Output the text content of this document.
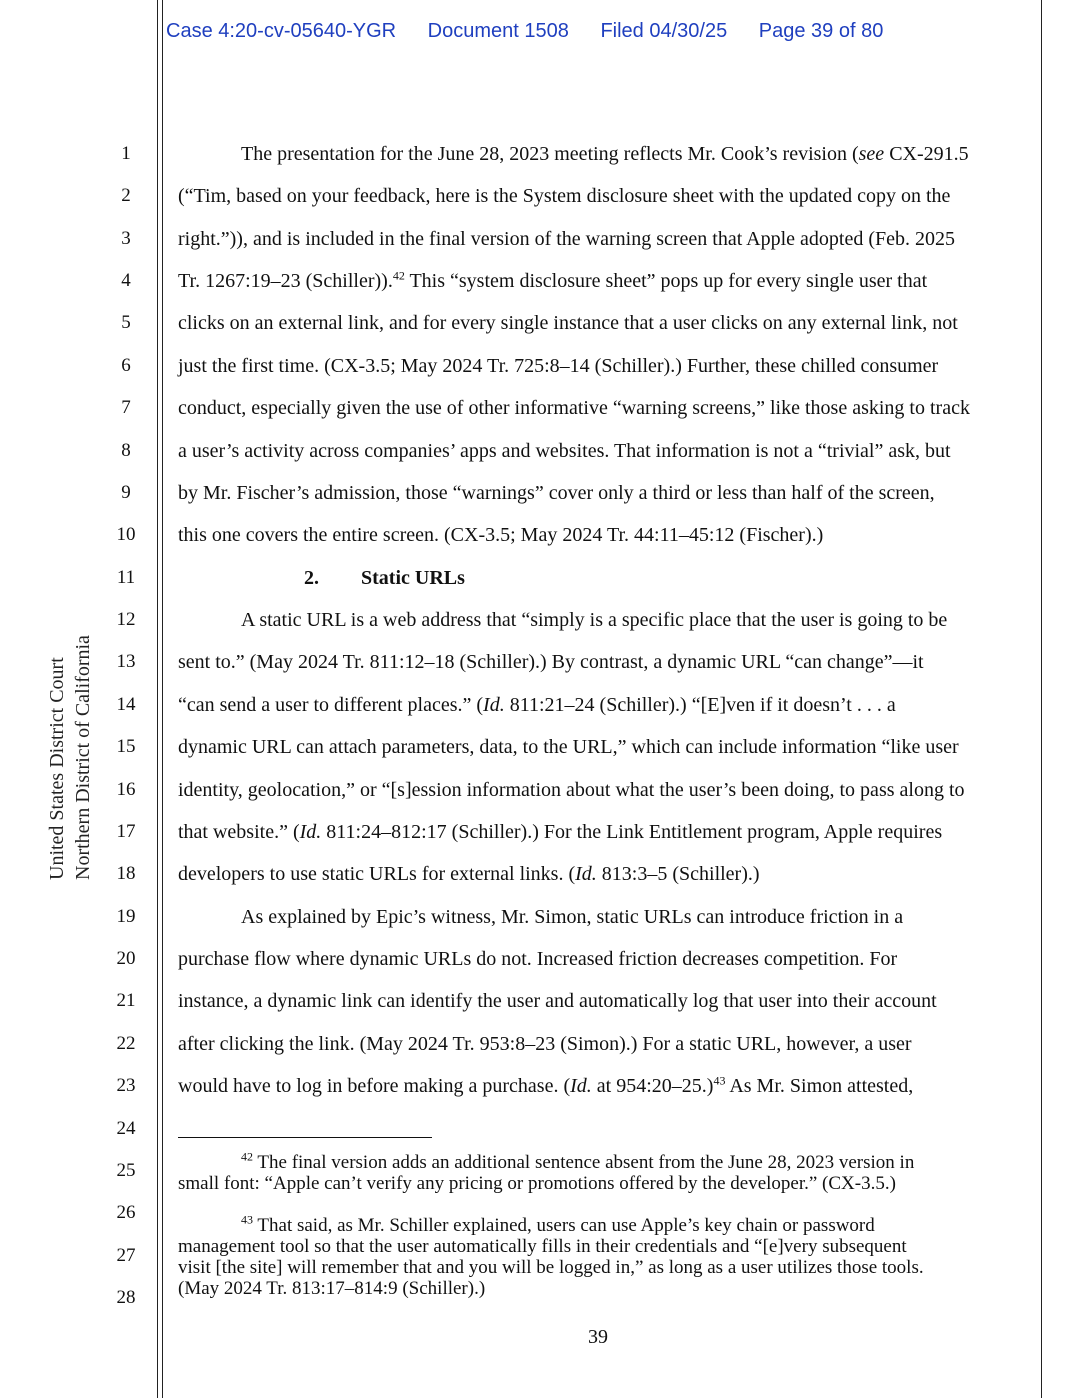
Case 4:20-cv-05640-YGR Document 1508 Filed 04/30/25 Page 39 of 80
United States District Court Northern District of California
1
2
3
4
5
6
7
8
9
10
11
12
13
14
15
16
17
18
19
20
21
22
23
24
25
26
27
28
The presentation for the June 28, 2023 meeting reflects Mr. Cook’s revision (see CX-291.5
(“Tim, based on your feedback, here is the System disclosure sheet with the updated copy on the
right.”)), and is included in the final version of the warning screen that Apple adopted (Feb. 2025
Tr. 1267:19–23 (Schiller)).$^{42}$ This “system disclosure sheet” pops up for every single user that
clicks on an external link, and for every single instance that a user clicks on any external link, not
just the first time. (CX-3.5; May 2024 Tr. 725:8–14 (Schiller).) Further, these chilled consumer
conduct, especially given the use of other informative “warning screens,” like those asking to track
a user’s activity across companies’ apps and websites. That information is not a “trivial” ask, but
by Mr. Fischer’s admission, those “warnings” cover only a third or less than half of the screen,
this one covers the entire screen. (CX-3.5; May 2024 Tr. 44:11–45:12 (Fischer).)
2. Static URLs
A static URL is a web address that “simply is a specific place that the user is going to be
sent to.” (May 2024 Tr. 811:12–18 (Schiller).) By contrast, a dynamic URL “can change”—it
“can send a user to different places.” (Id. 811:21–24 (Schiller).) “[E]ven if it doesn’t . . . a
dynamic URL can attach parameters, data, to the URL,” which can include information “like user
identity, geolocation,” or “[s]ession information about what the user’s been doing, to pass along to
that website.” (Id. 811:24–812:17 (Schiller).) For the Link Entitlement program, Apple requires
developers to use static URLs for external links. (Id. 813:3–5 (Schiller).)
As explained by Epic’s witness, Mr. Simon, static URLs can introduce friction in a
purchase flow where dynamic URLs do not. Increased friction decreases competition. For
instance, a dynamic link can identify the user and automatically log that user into their account
after clicking the link. (May 2024 Tr. 953:8–23 (Simon).) For a static URL, however, a user
would have to log in before making a purchase. (Id. at 954:20–25.)$^{43}$ As Mr. Simon attested,
$^{42}$ The final version adds an additional sentence absent from the June 28, 2023 version in
small font: “Apple can’t verify any pricing or promotions offered by the developer.” (CX-3.5.)
$^{43}$ That said, as Mr. Schiller explained, users can use Apple’s key chain or password
management tool so that the user automatically fills in their credentials and “[e]very subsequent
visit [the site] will remember that and you will be logged in,” as long as a user utilizes those tools.
(May 2024 Tr. 813:17–814:9 (Schiller).)
39
